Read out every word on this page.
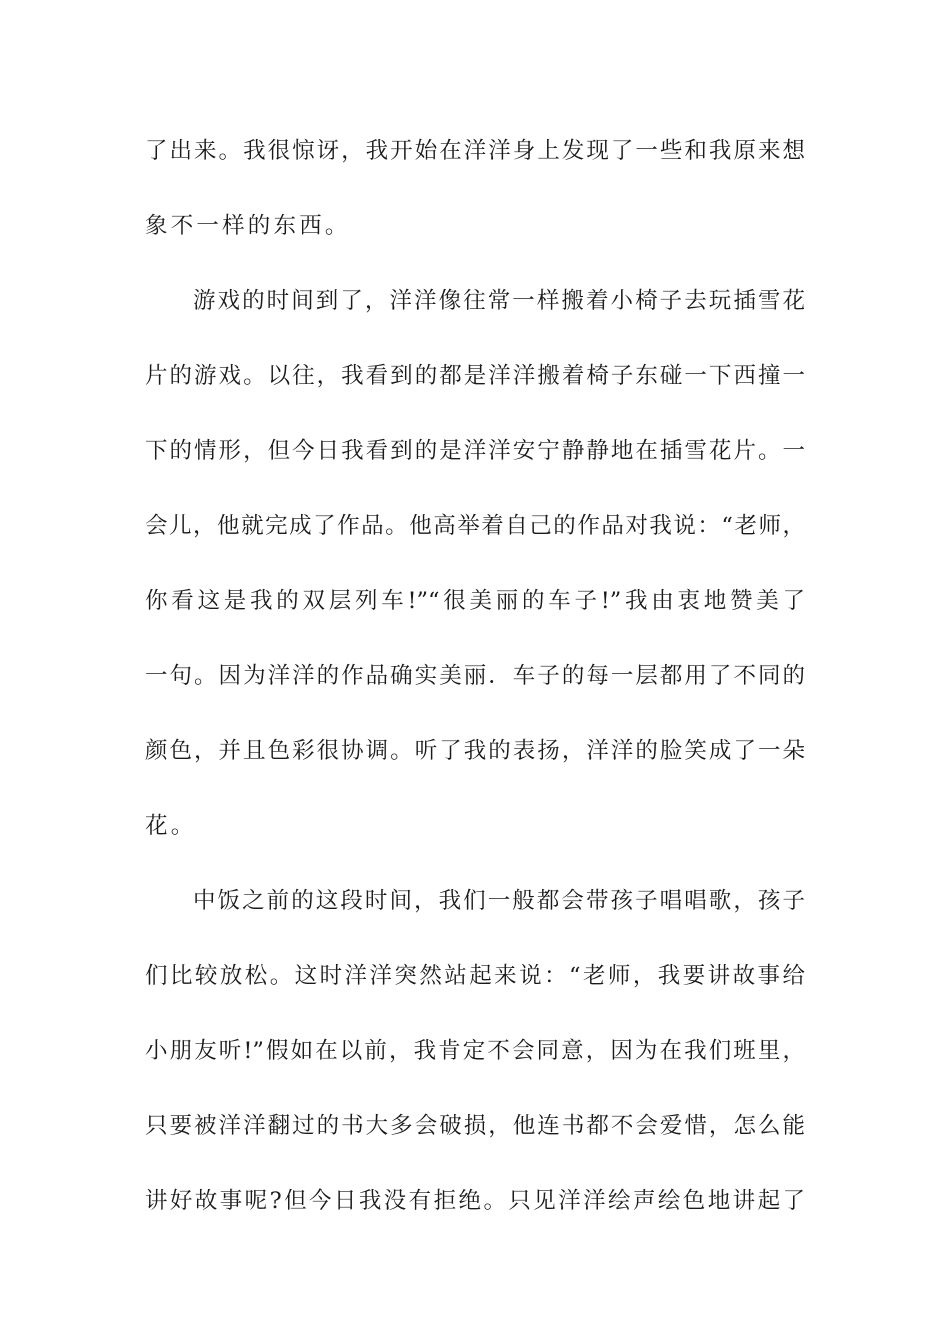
了出来。我很惊讶，我开始在洋洋身上发现了一些和我原来想
象不一样的东西。
游戏的时间到了，洋洋像往常一样搬着小椅子去玩插雪花
片的游戏。以往，我看到的都是洋洋搬着椅子东碰一下西撞一
下的情形，但今日我看到的是洋洋安宁静静地在插雪花片。一
会儿，他就完成了作品。他高举着自己的作品对我说：“老师，
你看这是我的双层列车!”“很美丽的车子!”我由衷地赞美了
一句。因为洋洋的作品确实美丽．车子的每一层都用了不同的
颜色，并且色彩很协调。听了我的表扬，洋洋的脸笑成了一朵
花。
中饭之前的这段时间，我们一般都会带孩子唱唱歌，孩子
们比较放松。这时洋洋突然站起来说：“老师，我要讲故事给
小朋友听!”假如在以前，我肯定不会同意，因为在我们班里，
只要被洋洋翻过的书大多会破损，他连书都不会爱惜，怎么能
讲好故事呢?但今日我没有拒绝。只见洋洋绘声绘色地讲起了
